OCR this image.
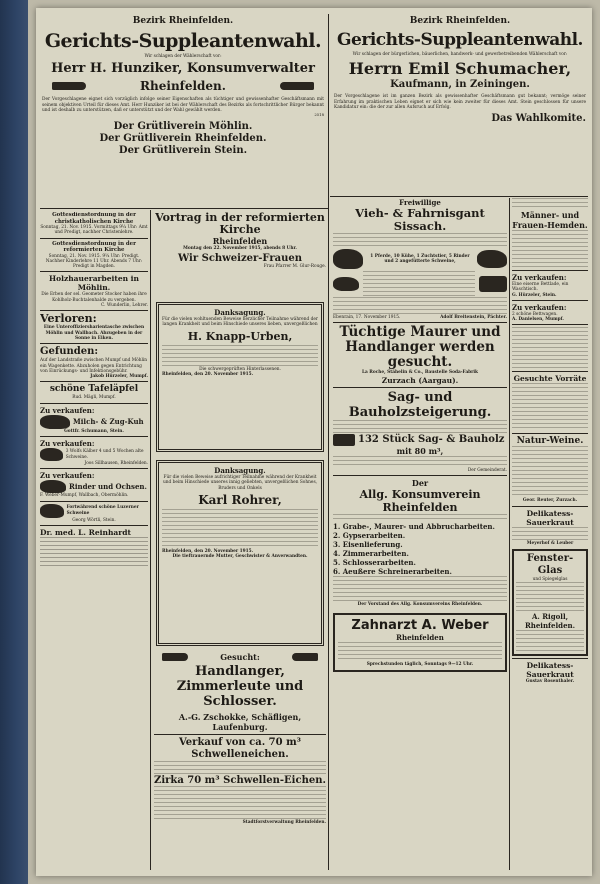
Bezirk Rheinfelden.
Gerichts-Suppleantenwahl.
Wir schlagen der Wählerschaft vor:
Herr H. Hunziker, Konsumverwalter
Rheinfelden.
Der Vorgeschlagene eignet sich vorzüglich infolge seiner Eigenschaften als tüchtiger und gewissenhafter Geschäftsmann mit seinem objektiven Urteil für dieses Amt. Herr Hunziker ist bei der Wählerschaft des Bezirks als fortschrittlicher Bürger bekannt und ist deshalb zu unterstützen, daß er unterstützt und der Wahl gewählt werden.
2518
Der Grütliverein Möhlin.
Der Grütliverein Rheinfelden.
Der Grütliverein Stein.
Bezirk Rheinfelden.
Gerichts-Suppleantenwahl.
Wir schlagen der bürgerlichen, bäuerlichen, handwerk- und gewerbetreibenden Wählerschaft vor:
Herrn Emil Schumacher,
Kaufmann, in Zeiningen.
Der Vorgeschlagene ist im ganzen Bezirk als gewissenhafter Geschäftsmann gut bekannt; vermöge seiner Erfahrung im praktischen Leben eignet er sich wie kein zweiter für dieses Amt. Stein geschlossen für unsere Kandidatur ein: die der zur allen Aufsruch auf Erfolg.
Das Wahlkomite.
Gottesdienstordnung in der christkatholischen Kirche
Sonntag, 21. Nov. 1915. Vormittags 9¼ Uhr: Amt und Predigt, nachher Christenlehre.
Gottesdienstordnung in der reformierten Kirche
Sonntag, 21. Nov. 1915. 9¼ Uhr: Predigt. Nachher Kinderlehre 11 Uhr. Abends 7 Uhr: Predigt in Magden.
Holzhauerarbeiten in Möhlin.
Die Erben der sel. Geometer Stocker haben ihre Kohlholz-Buchtalenhalde zu vergeben.
C. Wunderlin, Lehrer.
Verloren:
Eine Unteroffiziersharientasche zwischen Möhlin und Wallbach. Abzugeben in der Sonne in Eiken.
Gefunden:
Auf der Landstraße zwischen Mumpf und Möhlin ein Wagenkette. Abzuholen gegen Entrichtung von Einrückungs- und Infektionsgebühr.
Jakob Hürzeler, Mumpf.
schöne Tafeläpfel
Rud. Mägli, Mumpf.
Zu verkaufen:
Milch- & Zug-Kuh
Gottfr. Schumann, Stein.
Zu verkaufen:
3 Wolfs Kälber 4 und 5 Wochen alte Schweine.
Joos Sillhausen, Rheinfelden.
Zu verkaufen:
Rinder und Ochsen.
F. Weber-Mumpf, Wallbach, Obermöhlin.
Fortwährend schöne Luzerner Schweine
Georg Wörtli, Stein.
Dr. med. L. Reinhardt
Vortrag in der reformierten Kirche
Rheinfelden
Montag den 22. November 1915, abends 8 Uhr.
Wir Schweizer-Frauen
Frau Pfarrer M. Glur-Rouge.
Danksagung.
Für die vielen wohltuenden Beweise herzlicher Teilnahme während der langen Krankheit und beim Hinschiede unseres lieben, unvergeßlichen
H. Knapp-Urben,
Die schwergeprüften Hinterlassenen.
Rheinfelden, den 20. November 1915.
Danksagung.
Für die vielen Beweise aufrichtiger Teilnahme während der Krankheit und beim Hinschiede unseres innig geliebten, unvergeßlichen Sohnes, Bruders und Onkels
Karl Rohrer,
Rheinfelden, den 20. November 1915.
Die tieftrauernde Mutter, Geschwister & Anverwandten.
Gesucht:
Handlanger, Zimmerleute und Schlosser.
A.-G. Zschokke, Schäfligen, Laufenburg.
Verkauf von ca. 70 m³ Schwelleneichen.
Zirka 70 m³ Schwellen-Eichen.
Stadtforstverwaltung Rheinfelden.
Freiwillige
Vieh- & Fahrnisgant Sissach.
1 Pferde, 10 Kühe, 1 Zuchtstier, 5 Rinder und 2 angefütterte Schweine,
Ebenrain, 17. November 1915.	Adolf Breitenstein, Pächter.
Tüchtige Maurer und Handlanger werden gesucht.
La Roche, Stähelin & Co., Baustelle Soda-Fabrik
Zurzach (Aargau).
Sag- und Bauholzsteigerung.
132 Stück Sag- & Bauholz
mit 80 m³,
Der Gemeinderat.
Der
Allg. Konsumverein Rheinfelden
1. Grabe-, Maurer- und Abbrucharbeiten.
2. Gypserarbeiten.
3. Eisenlieferung.
4. Zimmerarbeiten.
5. Schlosserarbeiten.
6. Aeußere Schreinerarbeiten.
Der Vorstand des Allg. Konsumvereins Rheinfelden.
Zahnarzt A. Weber
Rheinfelden
Sprechstunden täglich, Sonntags 9—12 Uhr.
Männer- und Frauen-Hemden.
Zu verkaufen:
Eine eiserne Bettlade, ein Waschtisch.
G. Hürzeler, Stein.
Zu verkaufen:
2 schöne Bettwagen.
A. Danielsen, Mumpf.
Gesuchte Vorräte
Natur-Weine.
Geor. Reuter, Zurzach.
Delikatess-Sauerkraut
Meyerhof & Leuber
Fenster-Glas
und Spiegelglas
A. Rigoll, Rheinfelden.
Delikatess-Sauerkraut
Gustav Rosenthaler.
